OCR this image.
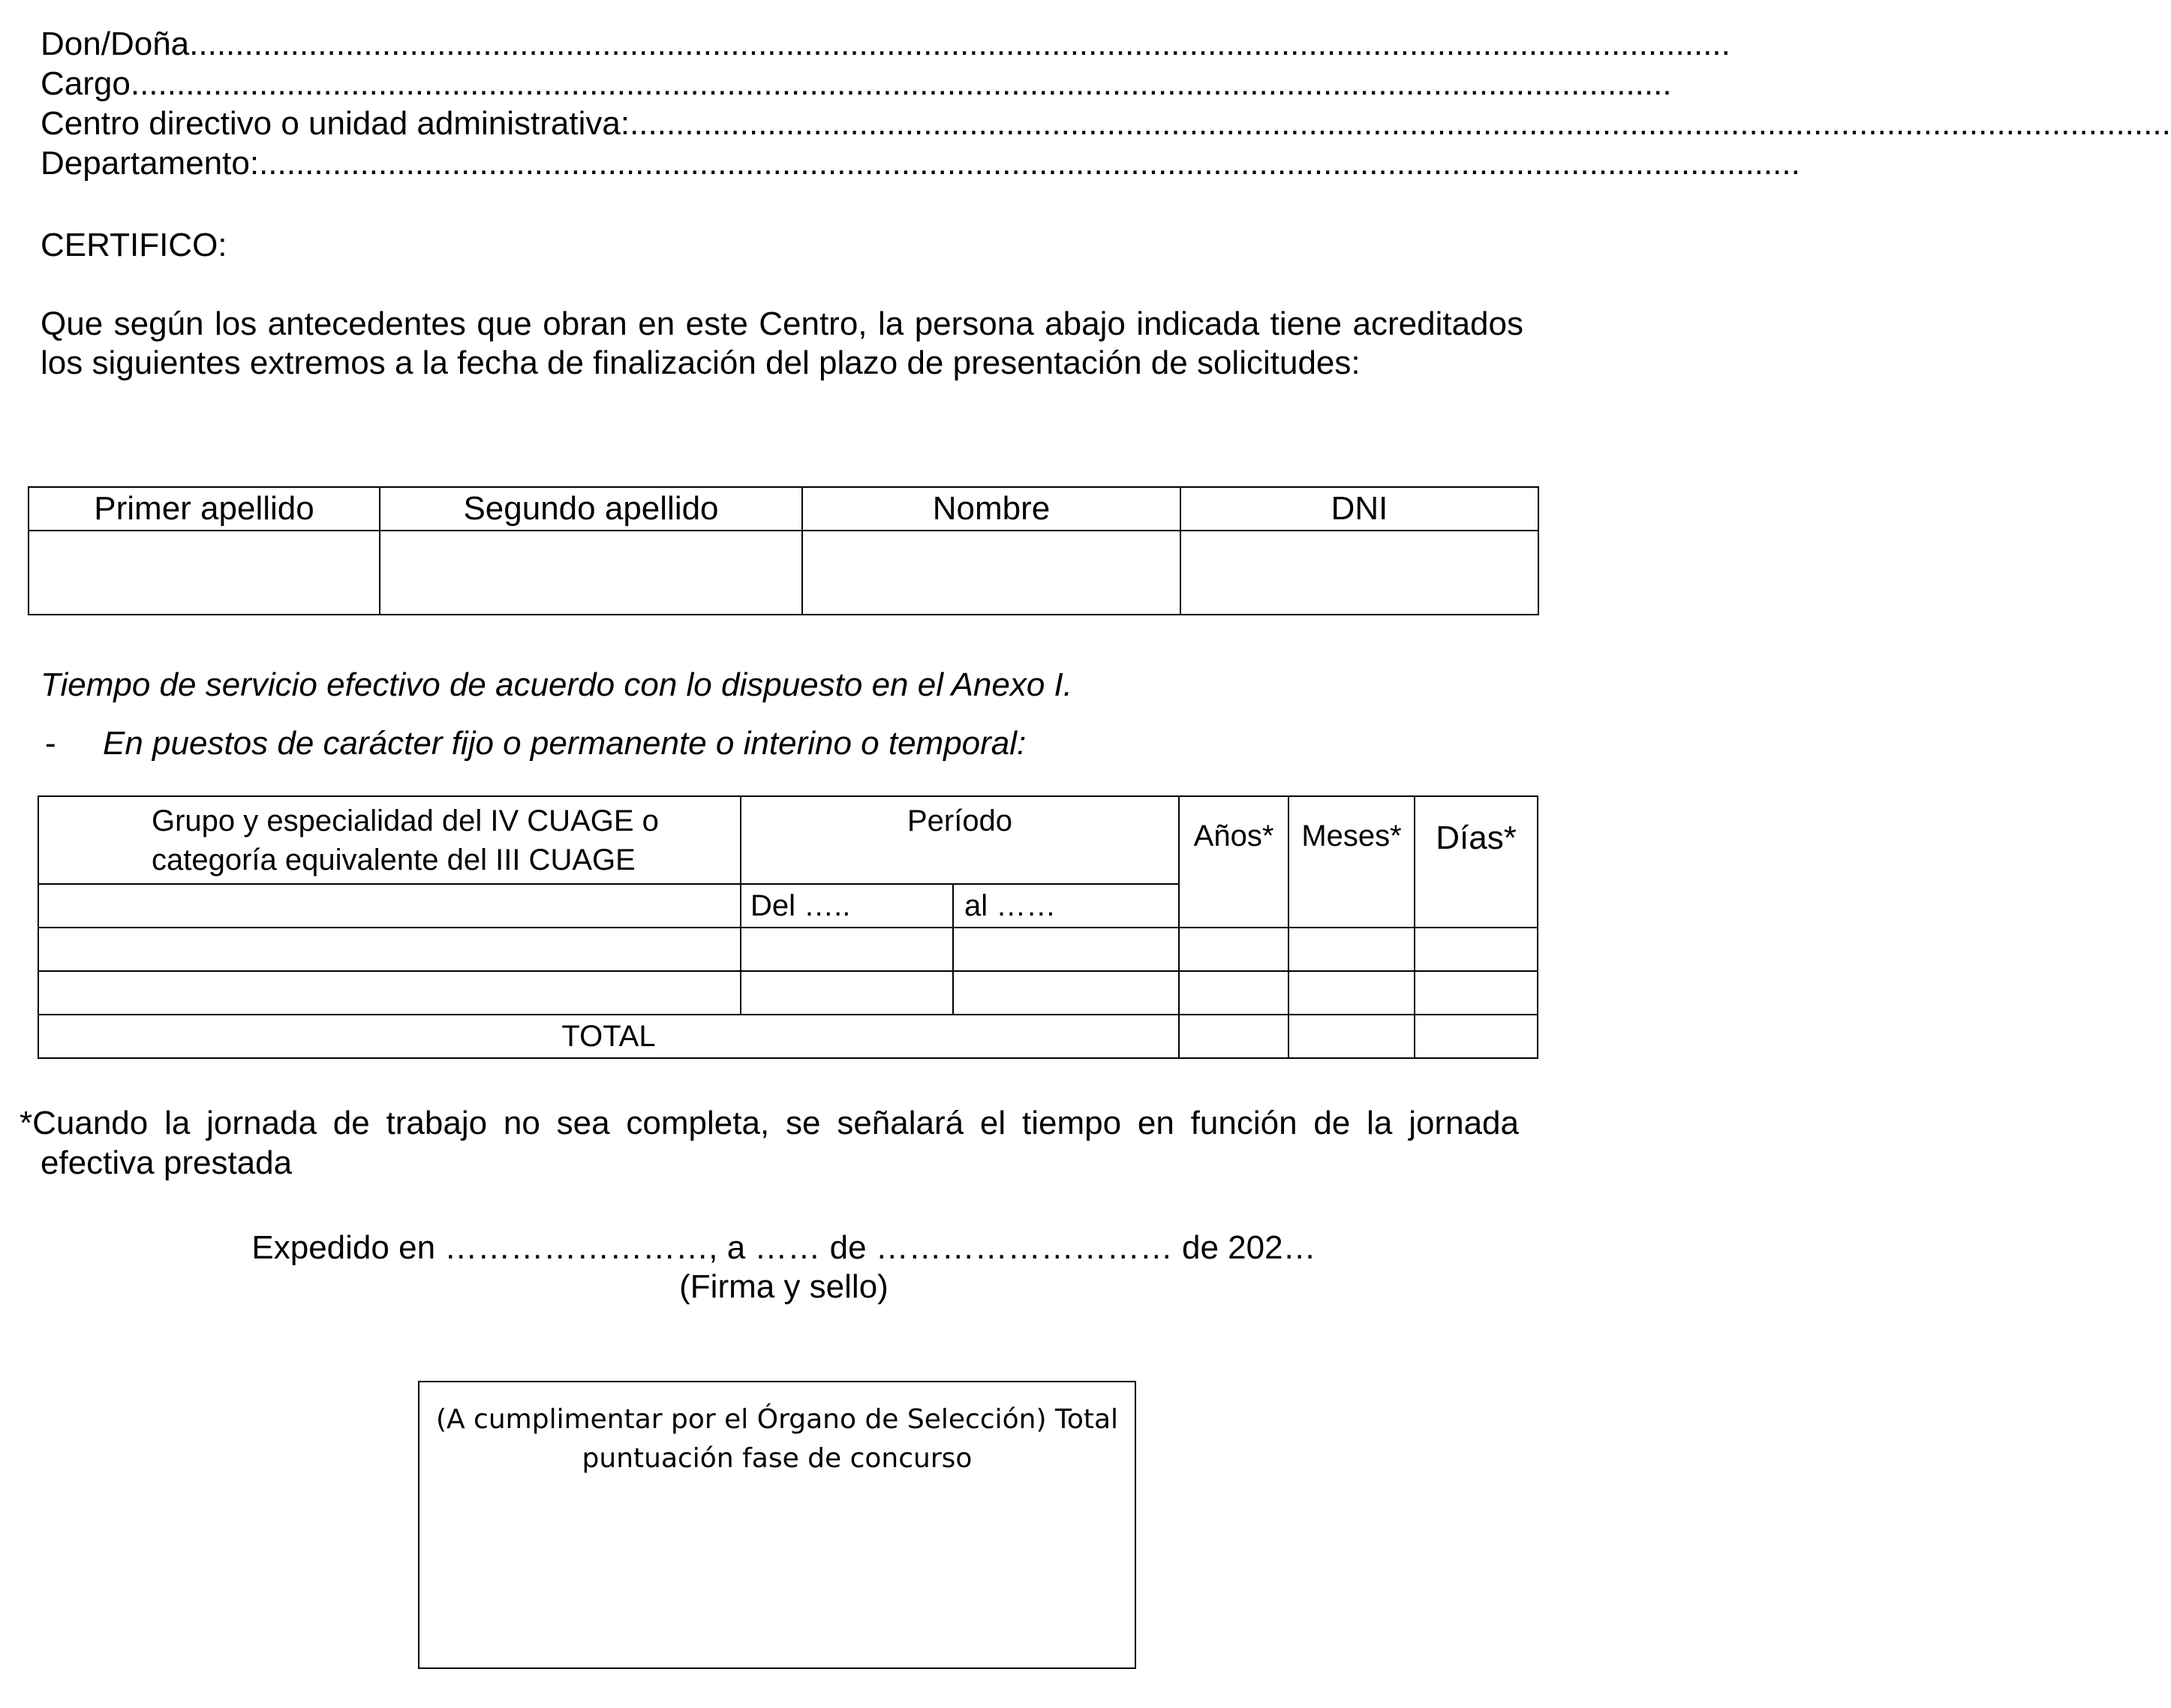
Don/Doña ........................................................................................................................................................................
Cargo ........................................................................................................................................................................
Centro directivo o unidad administrativa: ........................................................................................................................................................................
Departamento: ........................................................................................................................................................................
CERTIFICO:
Que según los antecedentes que obran en este Centro, la persona abajo indicada tiene acreditados los siguientes extremos a la fecha de finalización del plazo de presentación de solicitudes:
Primer apellido	Segundo apellido	Nombre	DNI

Tiempo de servicio efectivo de acuerdo con lo dispuesto en el Anexo I.
- En puestos de carácter fijo o permanente o interino o temporal:
Grupo y especialidad del IV CUAGE o
categoría equivalente del III CUAGE	Período		Años*	Meses*	Días*
	Del …..	al ……			

TOTAL					
*Cuando la jornada de trabajo no sea completa, se señalará el tiempo en función de la jornada
efectiva prestada
Expedido en ……………………, a …… de ……………………… de 202…
(Firma y sello)
(A cumplimentar por el Órgano de Selección) Total
puntuación fase de concurso
